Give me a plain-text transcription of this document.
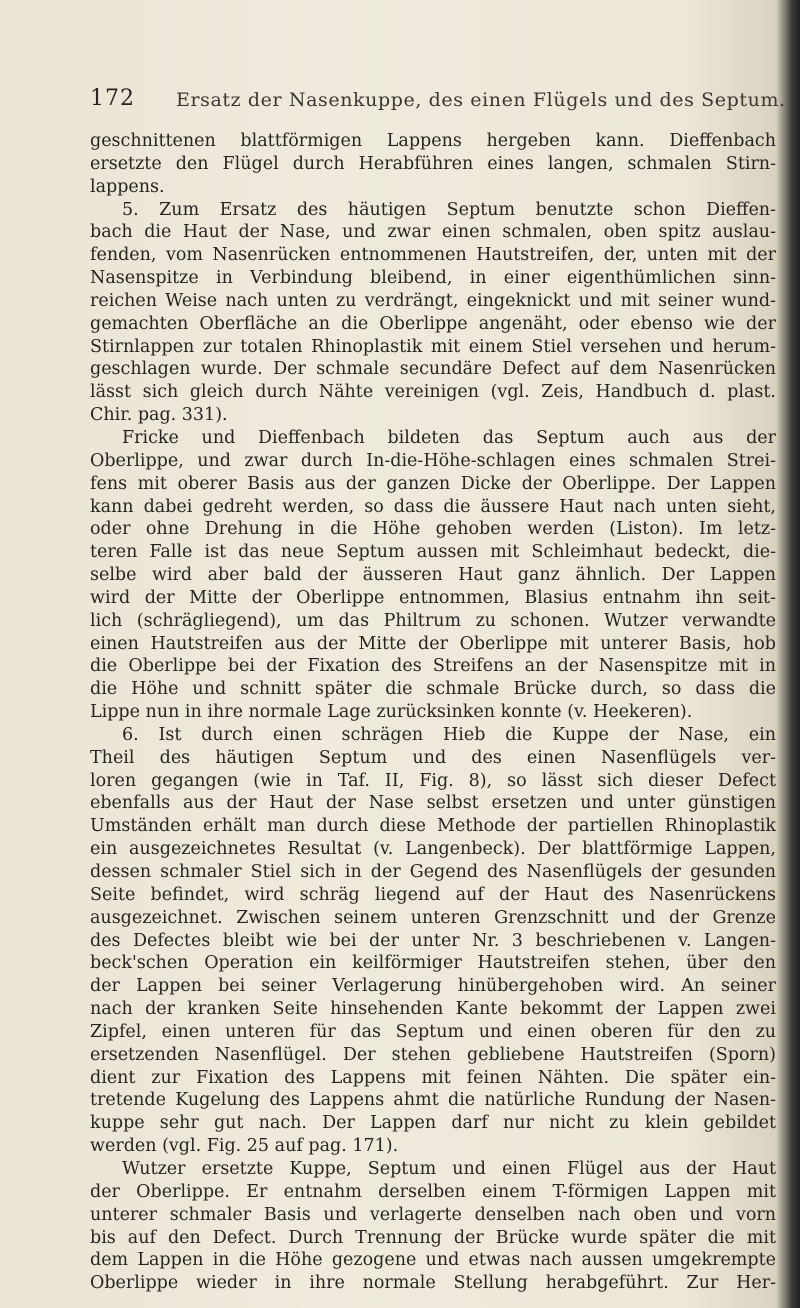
172 Ersatz der Nasenkuppe, des einen Flügels und des Septum.
geschnittenen blattförmigen Lappens hergeben kann. Dieffenbach
ersetzte den Flügel durch Herabführen eines langen, schmalen Stirn-
lappens.
5. Zum Ersatz des häutigen Septum benutzte schon Dieffen-
bach die Haut der Nase, und zwar einen schmalen, oben spitz auslau-
fenden, vom Nasenrücken entnommenen Hautstreifen, der, unten mit der
Nasenspitze in Verbindung bleibend, in einer eigenthümlichen sinn-
reichen Weise nach unten zu verdrängt, eingeknickt und mit seiner wund-
gemachten Oberfläche an die Oberlippe angenäht, oder ebenso wie der
Stirnlappen zur totalen Rhinoplastik mit einem Stiel versehen und herum-
geschlagen wurde. Der schmale secundäre Defect auf dem Nasenrücken
lässt sich gleich durch Nähte vereinigen (vgl. Zeis, Handbuch d. plast.
Chir. pag. 331).
Fricke und Dieffenbach bildeten das Septum auch aus der
Oberlippe, und zwar durch In-die-Höhe-schlagen eines schmalen Strei-
fens mit oberer Basis aus der ganzen Dicke der Oberlippe. Der Lappen
kann dabei gedreht werden, so dass die äussere Haut nach unten sieht,
oder ohne Drehung in die Höhe gehoben werden (Liston). Im letz-
teren Falle ist das neue Septum aussen mit Schleimhaut bedeckt, die-
selbe wird aber bald der äusseren Haut ganz ähnlich. Der Lappen
wird der Mitte der Oberlippe entnommen, Blasius entnahm ihn seit-
lich (schrägliegend), um das Philtrum zu schonen. Wutzer verwandte
einen Hautstreifen aus der Mitte der Oberlippe mit unterer Basis, hob
die Oberlippe bei der Fixation des Streifens an der Nasenspitze mit in
die Höhe und schnitt später die schmale Brücke durch, so dass die
Lippe nun in ihre normale Lage zurücksinken konnte (v. Heekeren).
6. Ist durch einen schrägen Hieb die Kuppe der Nase, ein
Theil des häutigen Septum und des einen Nasenflügels ver-
loren gegangen (wie in Taf. II, Fig. 8), so lässt sich dieser Defect
ebenfalls aus der Haut der Nase selbst ersetzen und unter günstigen
Umständen erhält man durch diese Methode der partiellen Rhinoplastik
ein ausgezeichnetes Resultat (v. Langenbeck). Der blattförmige Lappen,
dessen schmaler Stiel sich in der Gegend des Nasenflügels der gesunden
Seite befindet, wird schräg liegend auf der Haut des Nasenrückens
ausgezeichnet. Zwischen seinem unteren Grenzschnitt und der Grenze
des Defectes bleibt wie bei der unter Nr. 3 beschriebenen v. Langen-
beck'schen Operation ein keilförmiger Hautstreifen stehen, über den
der Lappen bei seiner Verlagerung hinübergehoben wird. An seiner
nach der kranken Seite hinsehenden Kante bekommt der Lappen zwei
Zipfel, einen unteren für das Septum und einen oberen für den zu
ersetzenden Nasenflügel. Der stehen gebliebene Hautstreifen (Sporn)
dient zur Fixation des Lappens mit feinen Nähten. Die später ein-
tretende Kugelung des Lappens ahmt die natürliche Rundung der Nasen-
kuppe sehr gut nach. Der Lappen darf nur nicht zu klein gebildet
werden (vgl. Fig. 25 auf pag. 171).
Wutzer ersetzte Kuppe, Septum und einen Flügel aus der Haut
der Oberlippe. Er entnahm derselben einem T-förmigen Lappen mit
unterer schmaler Basis und verlagerte denselben nach oben und vorn
bis auf den Defect. Durch Trennung der Brücke wurde später die mit
dem Lappen in die Höhe gezogene und etwas nach aussen umgekrempte
Oberlippe wieder in ihre normale Stellung herabgeführt. Zur Her-
